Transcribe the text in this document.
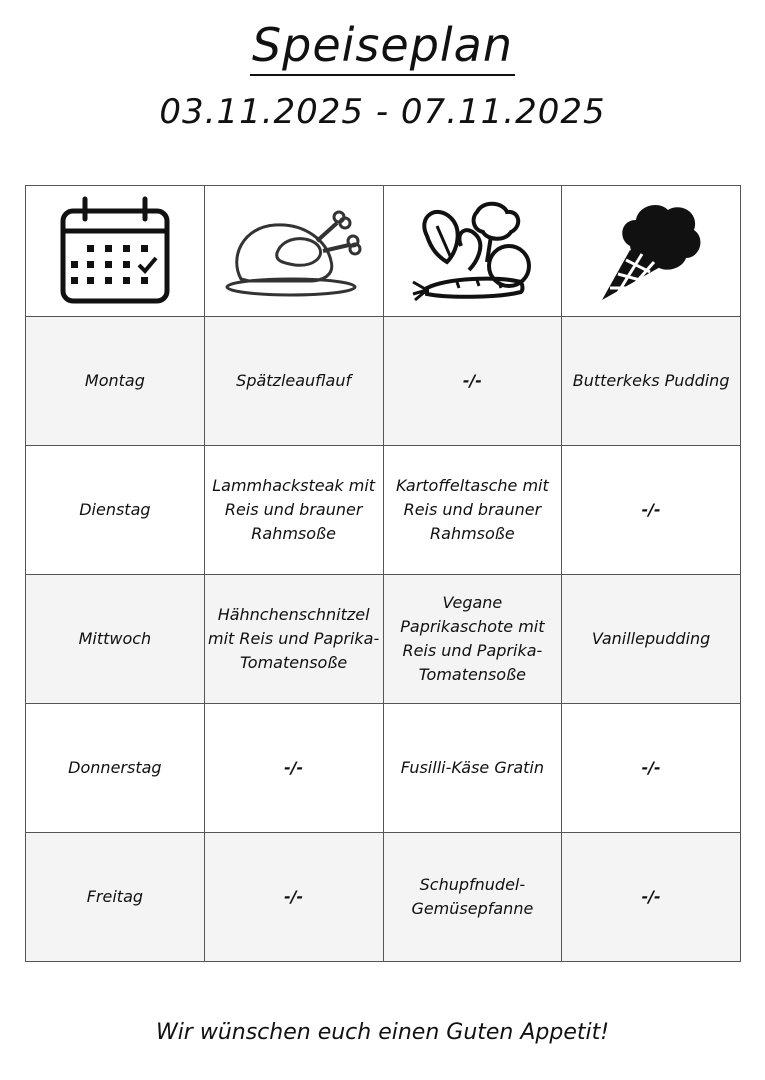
Speiseplan
03.11.2025 - 07.11.2025

Montag	Spätzleauflauf	-/-	Butterkeks Pudding
Dienstag	Lammhacksteak mit Reis und brauner Rahmsoße	Kartoffeltasche mit Reis und brauner Rahmsoße	-/-
Mittwoch	Hähnchenschnitzel mit Reis und Paprika-Tomatensoße	Vegane Paprikaschote mit Reis und Paprika-Tomatensoße	Vanillepudding
Donnerstag	-/-	Fusilli-Käse Gratin	-/-
Freitag	-/-	Schupfnudel-Gemüsepfanne	-/-
Wir wünschen euch einen Guten Appetit!
